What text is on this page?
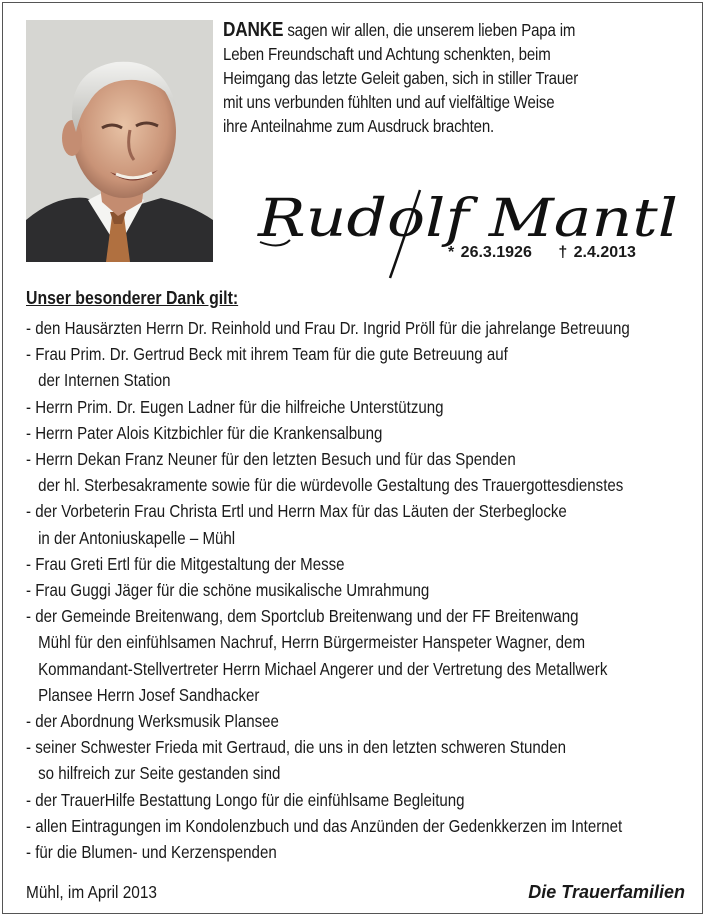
DANKE sagen wir allen, die unserem lieben Papa im
Leben Freundschaft und Achtung schenkten, beim
Heimgang das letzte Geleit gaben, sich in stiller Trauer
mit uns verbunden fühlten und auf vielfältige Weise
ihre Anteilnahme zum Ausdruck brachten.
Rudolf Mantl
* 26.3.1926 † 2.4.2013
Unser besonderer Dank gilt:
- den Hausärzten Herrn Dr. Reinhold und Frau Dr. Ingrid Pröll für die jahrelange Betreuung
- Frau Prim. Dr. Gertrud Beck mit ihrem Team für die gute Betreuung auf
der Internen Station
- Herrn Prim. Dr. Eugen Ladner für die hilfreiche Unterstützung
- Herrn Pater Alois Kitzbichler für die Krankensalbung
- Herrn Dekan Franz Neuner für den letzten Besuch und für das Spenden
der hl. Sterbesakramente sowie für die würdevolle Gestaltung des Trauergottesdienstes
- der Vorbeterin Frau Christa Ertl und Herrn Max für das Läuten der Sterbeglocke
in der Antoniuskapelle – Mühl
- Frau Greti Ertl für die Mitgestaltung der Messe
- Frau Guggi Jäger für die schöne musikalische Umrahmung
- der Gemeinde Breitenwang, dem Sportclub Breitenwang und der FF Breitenwang
Mühl für den einfühlsamen Nachruf, Herrn Bürgermeister Hanspeter Wagner, dem
Kommandant-Stellvertreter Herrn Michael Angerer und der Vertretung des Metallwerk
Plansee Herrn Josef Sandhacker
- der Abordnung Werksmusik Plansee
- seiner Schwester Frieda mit Gertraud, die uns in den letzten schweren Stunden
so hilfreich zur Seite gestanden sind
- der TrauerHilfe Bestattung Longo für die einfühlsame Begleitung
- allen Eintragungen im Kondolenzbuch und das Anzünden der Gedenkkerzen im Internet
- für die Blumen- und Kerzenspenden
Mühl, im April 2013	Die Trauerfamilien
